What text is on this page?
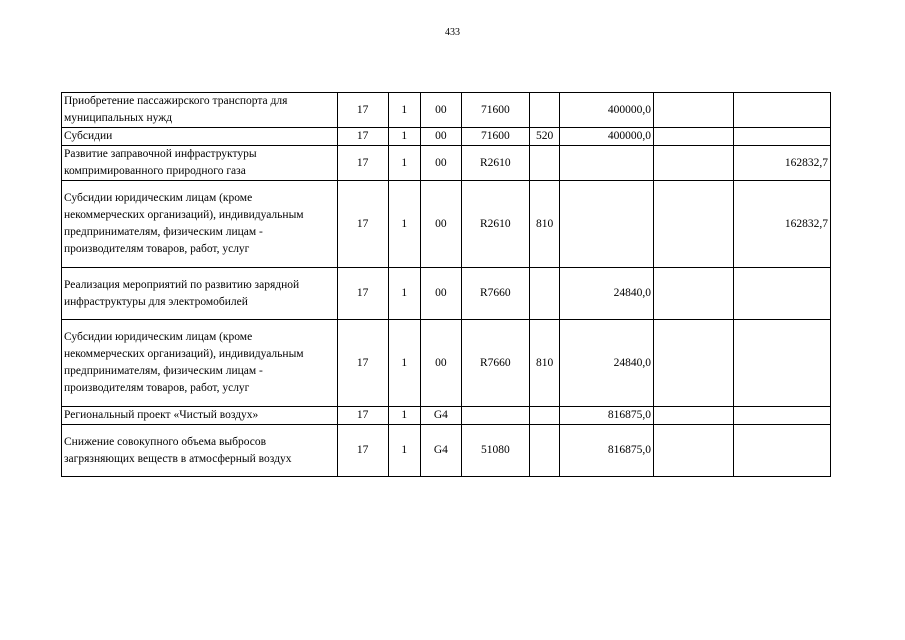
433
Приобретение пассажирского транспорта для муниципальных нужд	17	1	00	71600		400000,0		
Субсидии	17	1	00	71600	520	400000,0		
Развитие заправочной инфраструктуры компримированного природного газа	17	1	00	R2610				162832,7
Субсидии юридическим лицам (кроме некоммерческих организаций), индивидуальным предпринимателям, физическим лицам - производителям товаров, работ, услуг	17	1	00	R2610	810			162832,7
Реализация мероприятий по развитию зарядной инфраструктуры для электромобилей	17	1	00	R7660		24840,0		
Субсидии юридическим лицам (кроме некоммерческих организаций), индивидуальным предпринимателям, физическим лицам - производителям товаров, работ, услуг	17	1	00	R7660	810	24840,0		
Региональный проект «Чистый воздух»	17	1	G4			816875,0		
Снижение совокупного объема выбросов загрязняющих веществ в атмосферный воздух	17	1	G4	51080		816875,0		
